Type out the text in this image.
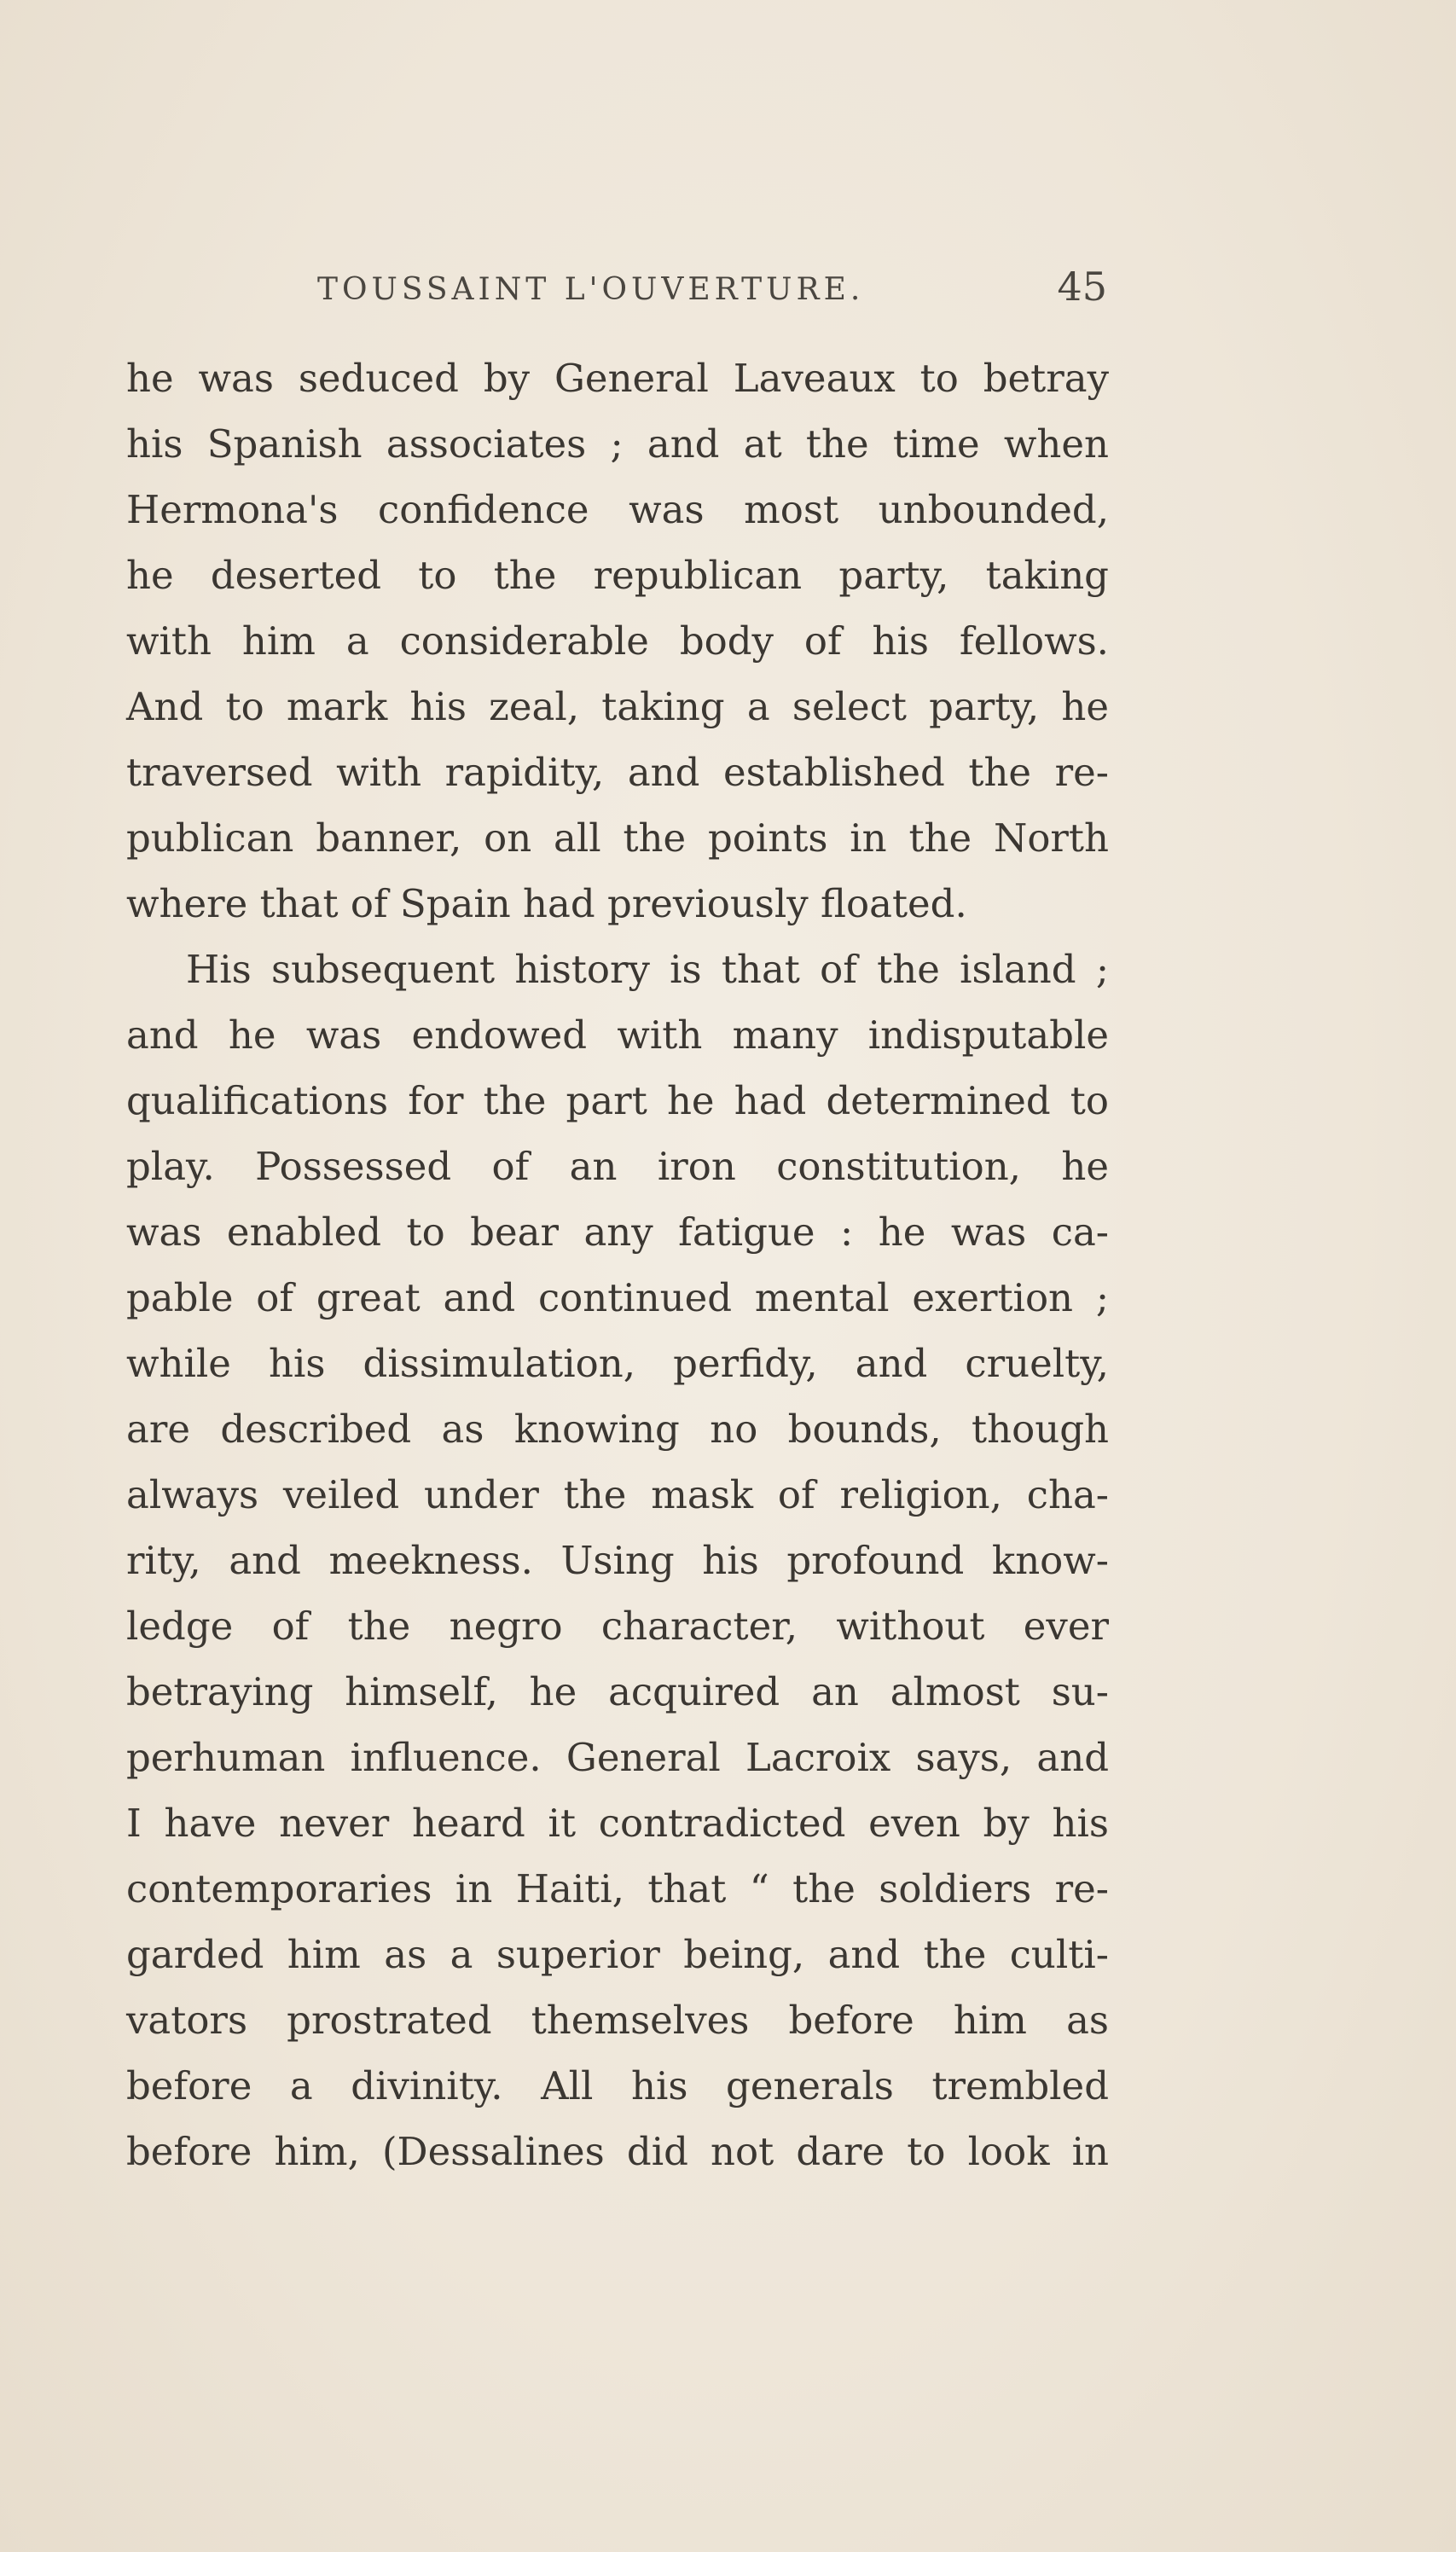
TOUSSAINT L'OUVERTURE.	45
he was seduced by General Laveaux to betray
his Spanish associates ; and at the time when
Hermona's confidence was most unbounded,
he deserted to the republican party, taking
with him a considerable body of his fellows.
And to mark his zeal, taking a select party, he
traversed with rapidity, and established the re-
publican banner, on all the points in the North
where that of Spain had previously floated.
His subsequent history is that of the island ;
and he was endowed with many indisputable
qualifications for the part he had determined to
play. Possessed of an iron constitution, he
was enabled to bear any fatigue : he was ca-
pable of great and continued mental exertion ;
while his dissimulation, perfidy, and cruelty,
are described as knowing no bounds, though
always veiled under the mask of religion, cha-
rity, and meekness. Using his profound know-
ledge of the negro character, without ever
betraying himself, he acquired an almost su-
perhuman influence. General Lacroix says, and
I have never heard it contradicted even by his
contemporaries in Haiti, that “ the soldiers re-
garded him as a superior being, and the culti-
vators prostrated themselves before him as
before a divinity. All his generals trembled
before him, (Dessalines did not dare to look in
